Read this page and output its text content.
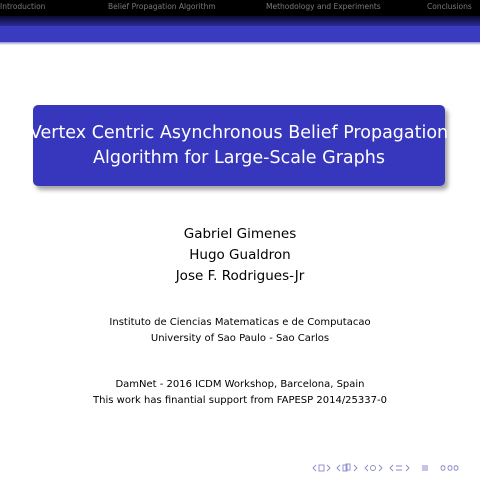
Introduction	Belief Propagation Algorithm	Methodology and Experiments	Conclusions
Vertex Centric Asynchronous Belief Propagation
Algorithm for Large-Scale Graphs
Gabriel Gimenes
Hugo Gualdron
Jose F. Rodrigues-Jr
Instituto de Ciencias Matematicas e de Computacao
University of Sao Paulo - Sao Carlos
DamNet - 2016 ICDM Workshop, Barcelona, Spain
This work has finantial support from FAPESP 2014/25337-0
